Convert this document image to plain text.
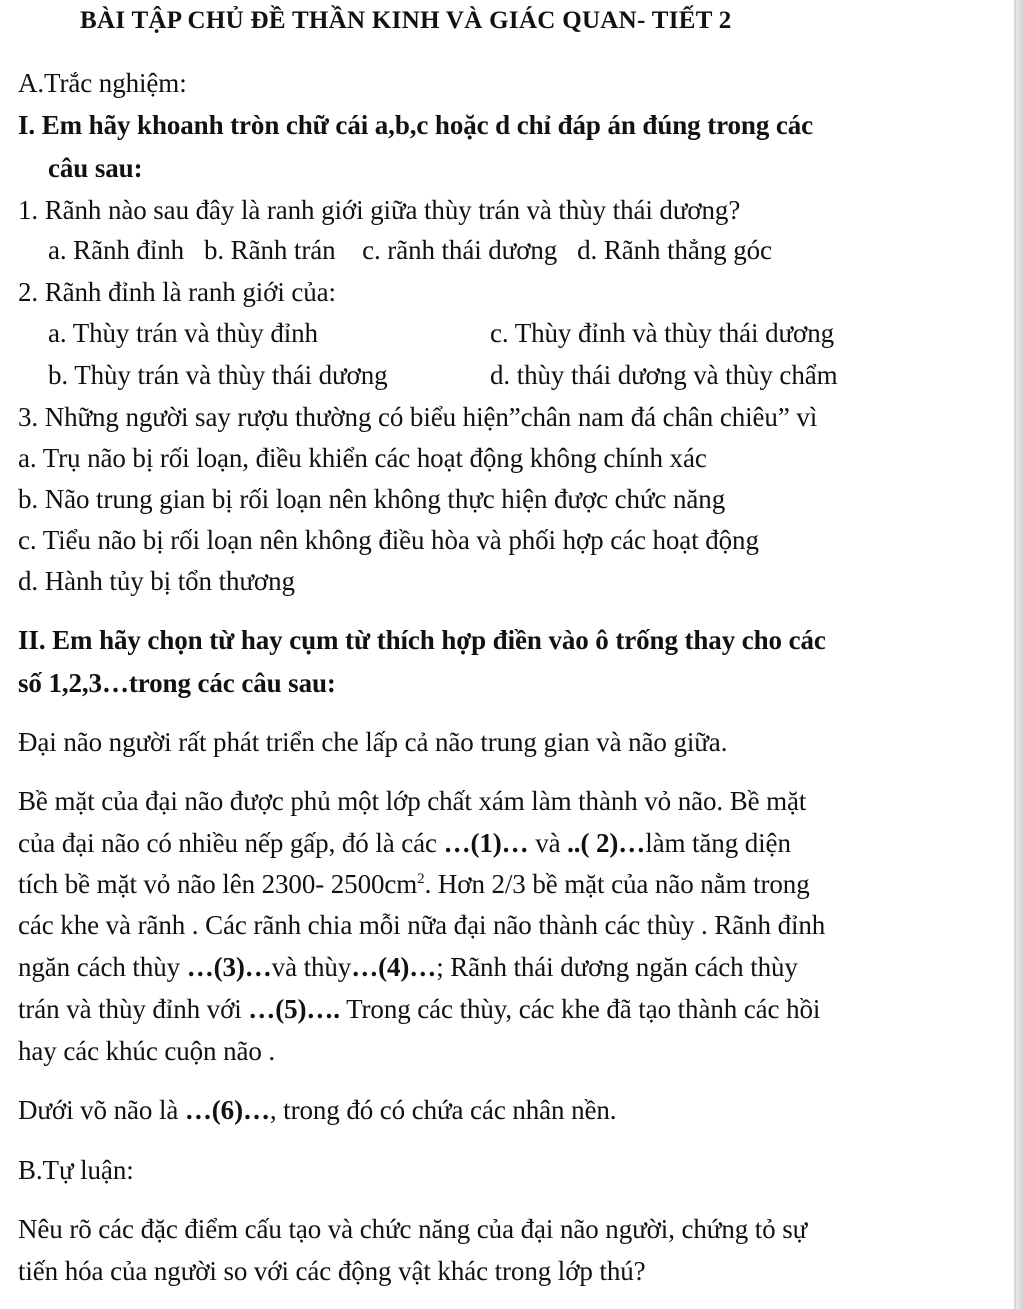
BÀI TẬP CHỦ ĐỀ THẦN KINH VÀ GIÁC QUAN- TIẾT 2
A.Trắc nghiệm:
I. Em hãy khoanh tròn chữ cái a,b,c hoặc d chỉ đáp án đúng trong các
câu sau:
1. Rãnh nào sau đây là ranh giới giữa thùy trán và thùy thái dương?
a. Rãnh đỉnh b. Rãnh trán c. rãnh thái dương d. Rãnh thẳng góc
2. Rãnh đỉnh là ranh giới của:
a. Thùy trán và thùy đỉnh	c. Thùy đỉnh và thùy thái dương
b. Thùy trán và thùy thái dương	d. thùy thái dương và thùy chẩm
3. Những người say rượu thường có biểu hiện”chân nam đá chân chiêu” vì
a. Trụ não bị rối loạn, điều khiển các hoạt động không chính xác
b. Não trung gian bị rối loạn nên không thực hiện được chức năng
c. Tiểu não bị rối loạn nên không điều hòa và phối hợp các hoạt động
d. Hành tủy bị tổn thương
II. Em hãy chọn từ hay cụm từ thích hợp điền vào ô trống thay cho các
số 1,2,3…trong các câu sau:
Đại não người rất phát triển che lấp cả não trung gian và não giữa.
Bề mặt của đại não được phủ một lớp chất xám làm thành vỏ não. Bề mặt
của đại não có nhiều nếp gấp, đó là các …(1)… và ..( 2)…làm tăng diện
tích bề mặt vỏ não lên 2300- $2500cm^2$. Hơn 2/3 bề mặt của não nằm trong
các khe và rãnh . Các rãnh chia mỗi nữa đại não thành các thùy . Rãnh đỉnh
ngăn cách thùy …(3)…và thùy…(4)…; Rãnh thái dương ngăn cách thùy
trán và thùy đỉnh với …(5)…. Trong các thùy, các khe đã tạo thành các hồi
hay các khúc cuộn não .
Dưới võ não là …(6)…, trong đó có chứa các nhân nền.
B.Tự luận:
Nêu rõ các đặc điểm cấu tạo và chức năng của đại não người, chứng tỏ sự
tiến hóa của người so với các động vật khác trong lớp thú?
